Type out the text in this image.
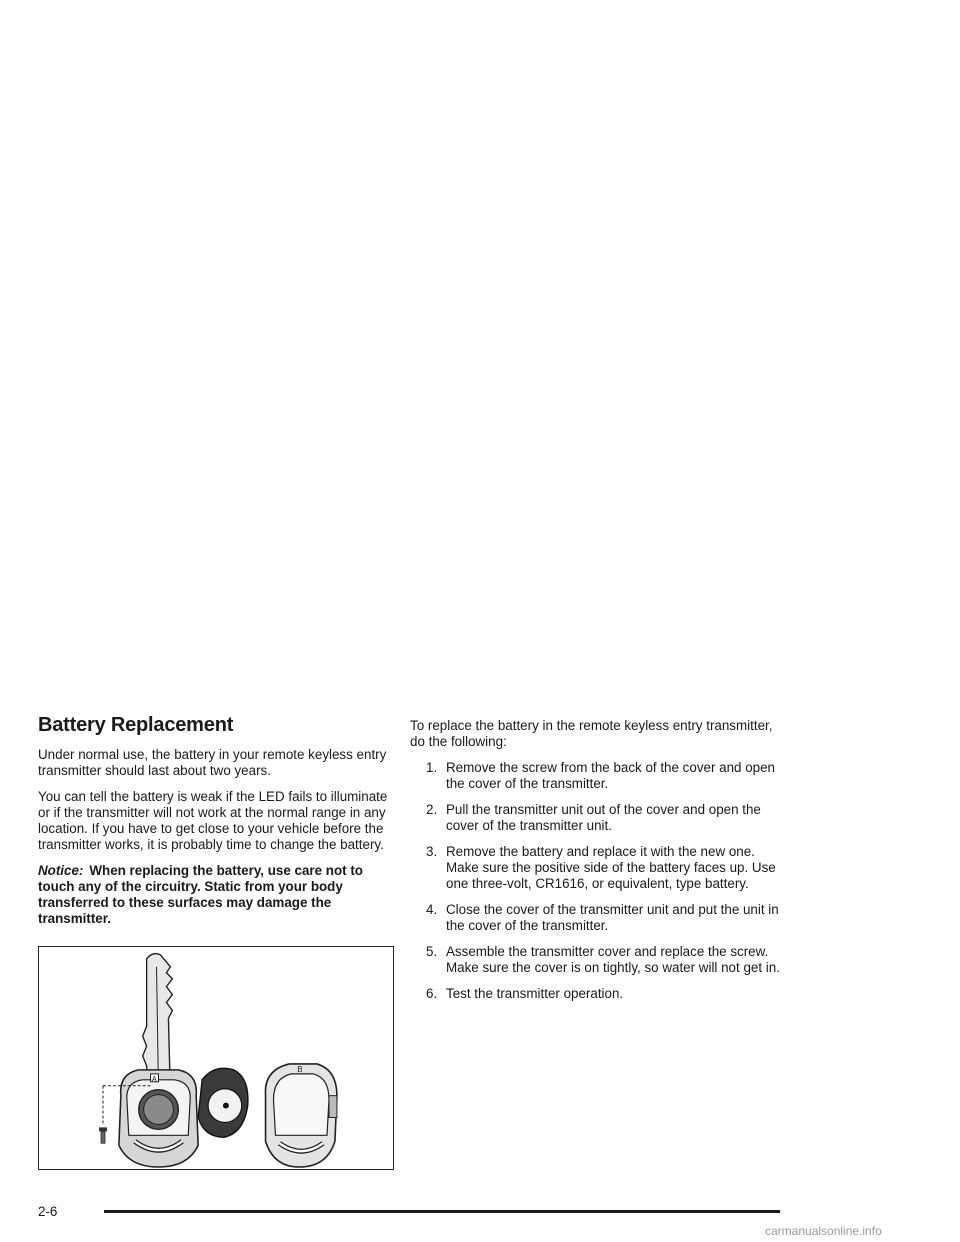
Battery Replacement

Under normal use, the battery in your remote keyless entry transmitter should last about two years.

You can tell the battery is weak if the LED fails to illuminate or if the transmitter will not work at the normal range in any location. If you have to get close to your vehicle before the transmitter works, it is probably time to change the battery.

Notice: When replacing the battery, use care not to touch any of the circuitry. Static from your body transferred to these surfaces may damage the transmitter.

A
B

To replace the battery in the remote keyless entry transmitter, do the following:

1. Remove the screw from the back of the cover and open the cover of the transmitter.
2. Pull the transmitter unit out of the cover and open the cover of the transmitter unit.
3. Remove the battery and replace it with the new one. Make sure the positive side of the battery faces up. Use one three-volt, CR1616, or equivalent, type battery.
4. Close the cover of the transmitter unit and put the unit in the cover of the transmitter.
5. Assemble the transmitter cover and replace the screw. Make sure the cover is on tightly, so water will not get in.
6. Test the transmitter operation.
2-6
carmanualsonline.info
